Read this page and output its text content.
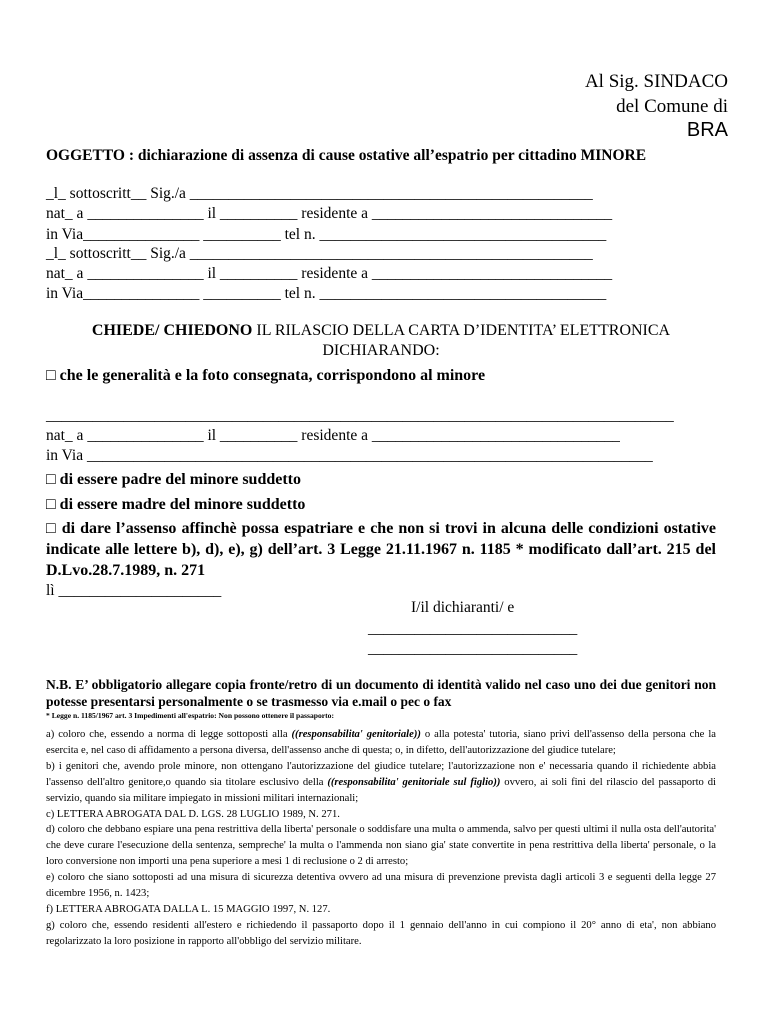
Al Sig. SINDACO
del Comune di
BRA
OGGETTO : dichiarazione di assenza di cause ostative all’espatrio per cittadino MINORE
_l_ sottoscritt__ Sig./a ____________________________________________________
nat_ a _______________ il __________ residente a _______________________________
in Via_______________ __________ tel n. _____________________________________
_l_ sottoscritt__ Sig./a ____________________________________________________
nat_ a _______________ il __________ residente a _______________________________
in Via_______________ __________ tel n. _____________________________________
CHIEDE/ CHIEDONO IL RILASCIO DELLA CARTA D’IDENTITA’ ELETTRONICA
DICHIARANDO:
□ che le generalità e la foto consegnata, corrispondono al minore
_________________________________________________________________________________
nat_ a _______________ il __________ residente a ________________________________
in Via _________________________________________________________________________
□ di essere padre del minore suddetto
□ di essere madre del minore suddetto
□ di dare l’assenso affinchè possa espatriare e che non si trovi in alcuna delle condizioni ostative indicate alle lettere b), d), e), g) dell’art. 3 Legge 21.11.1967 n. 1185 * modificato dall’art. 215 del D.Lvo.28.7.1989, n. 271
lì _____________________
I/il dichiaranti/ e
___________________________
___________________________
N.B. E’ obbligatorio allegare copia fronte/retro di un documento di identità valido nel caso uno dei due genitori non potesse presentarsi personalmente o se trasmesso via e.mail o pec o fax
* Legge n. 1185/1967 art. 3 Impedimenti all'espatrio: Non possono ottenere il passaporto:

a) coloro che, essendo a norma di legge sottoposti alla ((responsabilita' genitoriale)) o alla potesta' tutoria, siano privi dell'assenso della persona che la esercita e, nel caso di affidamento a persona diversa, dell'assenso anche di questa; o, in difetto, dell'autorizzazione del giudice tutelare;

b) i genitori che, avendo prole minore, non ottengano l'autorizzazione del giudice tutelare; l'autorizzazione non e' necessaria quando il richiedente abbia l'assenso dell'altro genitore,o quando sia titolare esclusivo della ((responsabilita' genitoriale sul figlio)) ovvero, ai soli fini del rilascio del passaporto di servizio, quando sia militare impiegato in missioni militari internazionali;

c) LETTERA ABROGATA DAL D. LGS. 28 LUGLIO 1989, N. 271.

d) coloro che debbano espiare una pena restrittiva della liberta' personale o soddisfare una multa o ammenda, salvo per questi ultimi il nulla osta dell'autorita' che deve curare l'esecuzione della sentenza, sempreche' la multa o l'ammenda non siano gia' state convertite in pena restrittiva della liberta' personale, o la loro conversione non importi una pena superiore a mesi 1 di reclusione o 2 di arresto;

e) coloro che siano sottoposti ad una misura di sicurezza detentiva ovvero ad una misura di prevenzione prevista dagli articoli 3 e seguenti della legge 27 dicembre 1956, n. 1423;

f) LETTERA ABROGATA DALLA L. 15 MAGGIO 1997, N. 127.

g) coloro che, essendo residenti all'estero e richiedendo il passaporto dopo il 1 gennaio dell'anno in cui compiono il 20° anno di eta', non abbiano regolarizzato la loro posizione in rapporto all'obbligo del servizio militare.
